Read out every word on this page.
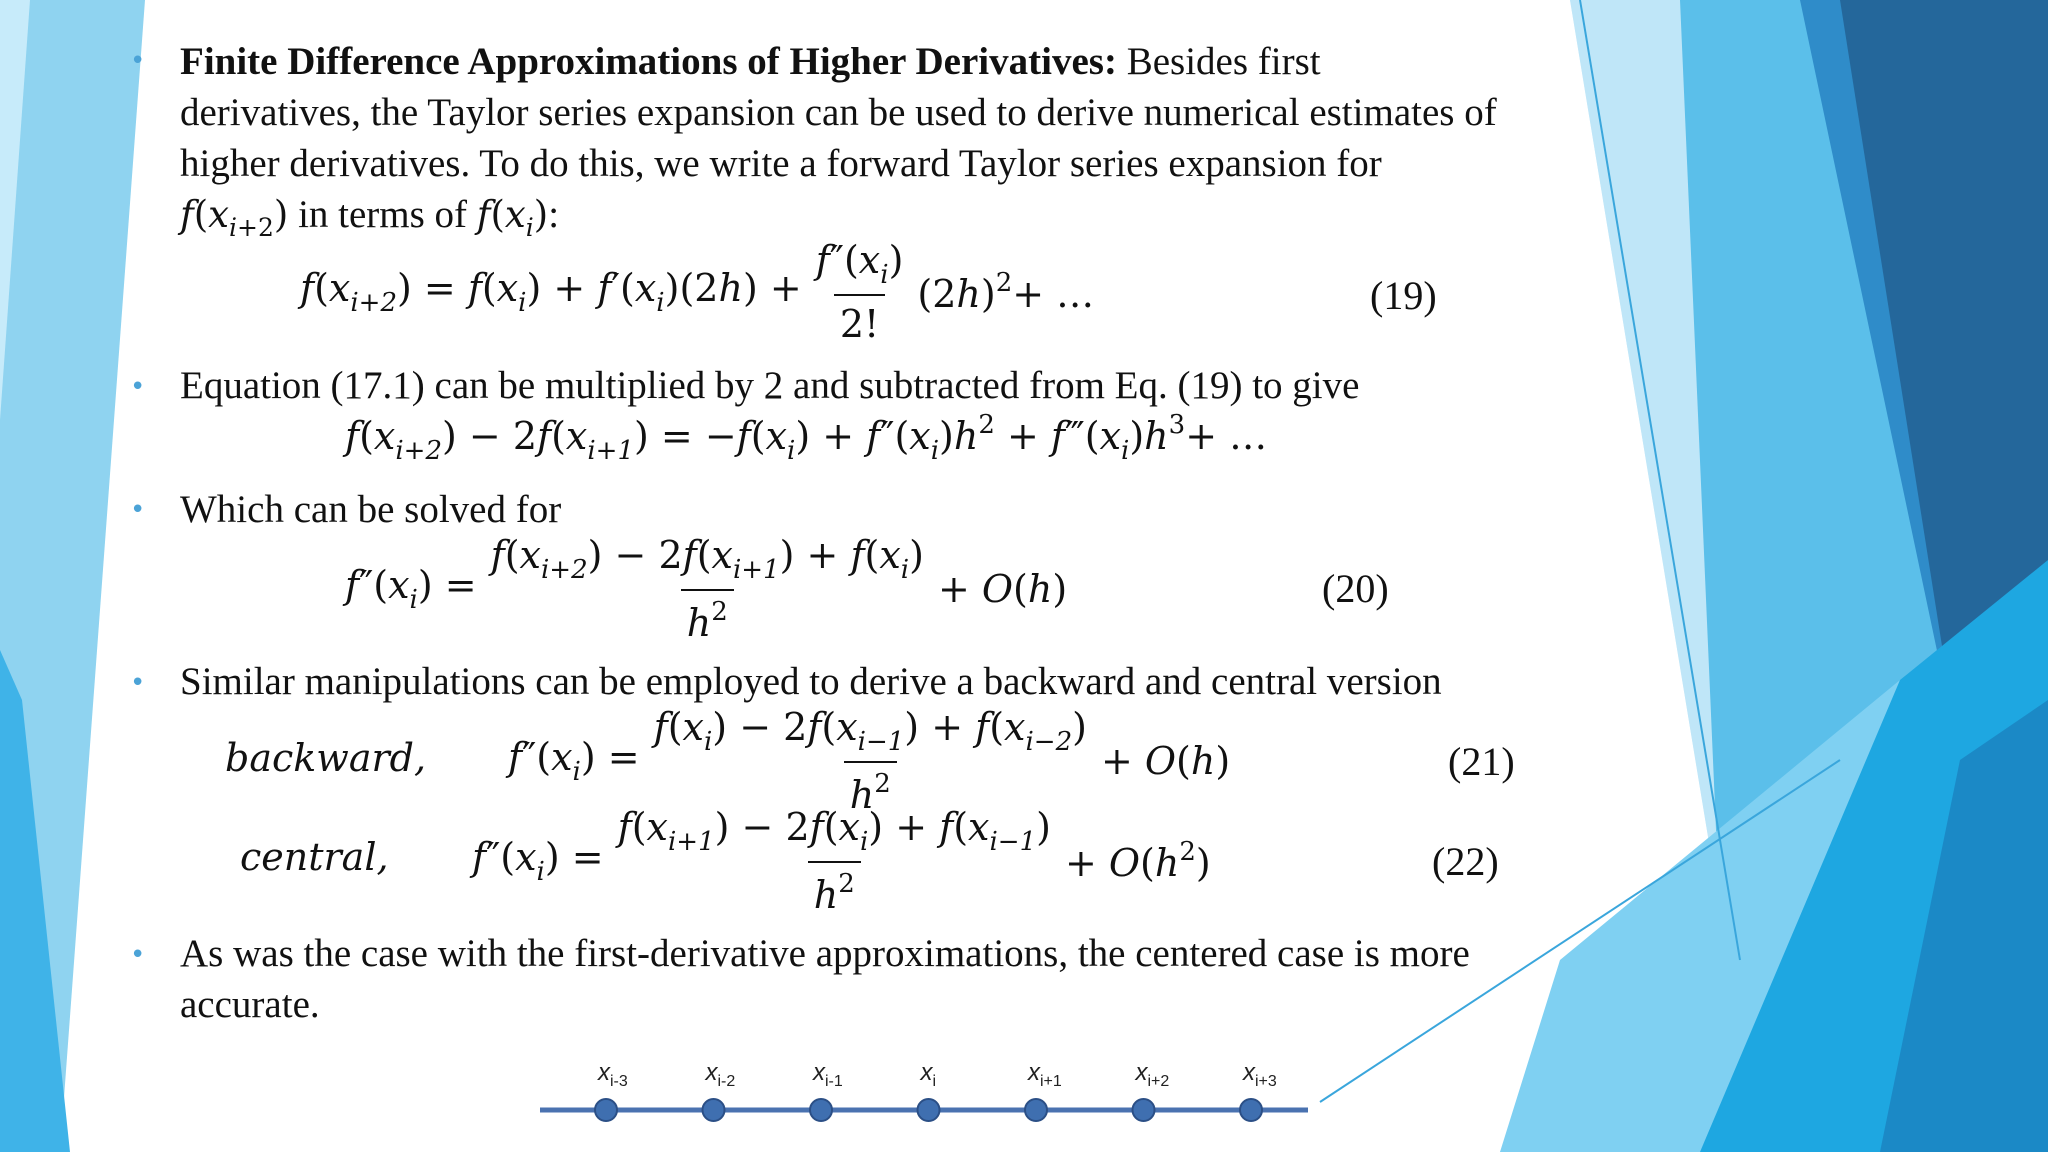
• Finite Difference Approximations of Higher Derivatives: Besides first
derivatives, the Taylor series expansion can be used to derive numerical estimates of
higher derivatives. To do this, we write a forward Taylor series expansion for
$f(x_{i+2})$ in terms of $f(x_i)$:
$f(x_{i+2}) = f(x_i) + f'(x_i)(2h) + \frac{f''(x_i)}{2!} (2h)^2+$ …	(19)
• Equation (17.1) can be multiplied by 2 and subtracted from Eq. (19) to give
$f(x_{i+2}) - 2f(x_{i+1}) = -f(x_i) + f''(x_i)h^2$ + $f‴(x_i)h^3+$ …
• Which can be solved for
$f''(x_i) = \frac{f(x_{i+2}) - 2f(x_{i+1}) + f(x_i)}{h^2} + O(h)$	(20)
• Similar manipulations can be employed to derive a backward and central version
backward, $f''(x_i) = \frac{f(x_i) - 2f(x_{i-1}) + f(x_{i-2})}{h^2} + O(h)$	(21)
central, $f''(x_i) = \frac{f(x_{i+1}) - 2f(x_i) + f(x_{i-1})}{h^2} + O(h^2)$	(22)
• As was the case with the first-derivative approximations, the centered case is more
accurate.
$x_{i-3}$	$x_{i-2}$	$x_{i-1}$	$x_i$	$x_{i+1}$	$x_{i+2}$	$x_{i+3}$
